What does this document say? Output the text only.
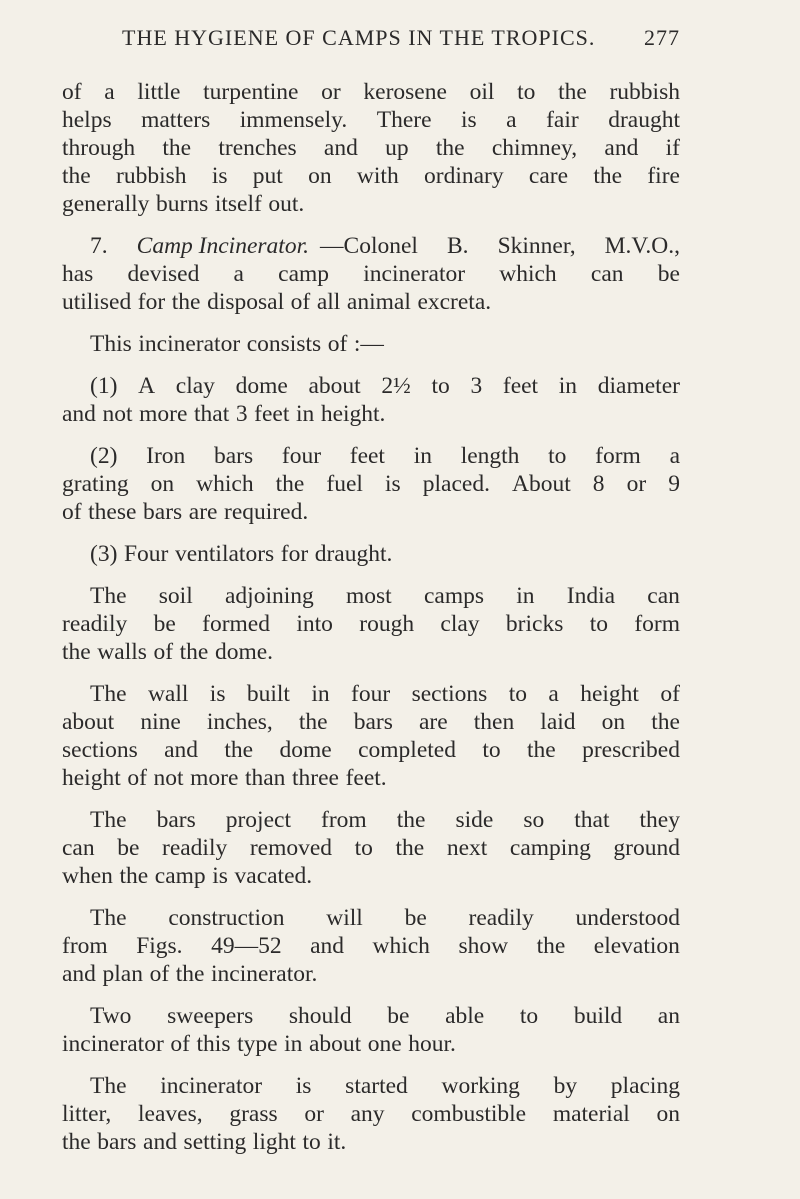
THE HYGIENE OF CAMPS IN THE TROPICS. 277
of a little turpentine or kerosene oil to the rubbish
helps matters immensely. There is a fair draught
through the trenches and up the chimney, and if
the rubbish is put on with ordinary care the fire
generally burns itself out.
7. Camp Incinerator. —Colonel B. Skinner, M.V.O.,
has devised a camp incinerator which can be
utilised for the disposal of all animal excreta.
This incinerator consists of :—
(1) A clay dome about 2½ to 3 feet in diameter
and not more that 3 feet in height.
(2) Iron bars four feet in length to form a
grating on which the fuel is placed. About 8 or 9
of these bars are required.
(3) Four ventilators for draught.
The soil adjoining most camps in India can
readily be formed into rough clay bricks to form
the walls of the dome.
The wall is built in four sections to a height of
about nine inches, the bars are then laid on the
sections and the dome completed to the prescribed
height of not more than three feet.
The bars project from the side so that they
can be readily removed to the next camping ground
when the camp is vacated.
The construction will be readily understood
from Figs. 49—52 and which show the elevation
and plan of the incinerator.
Two sweepers should be able to build an
incinerator of this type in about one hour.
The incinerator is started working by placing
litter, leaves, grass or any combustible material on
the bars and setting light to it.
